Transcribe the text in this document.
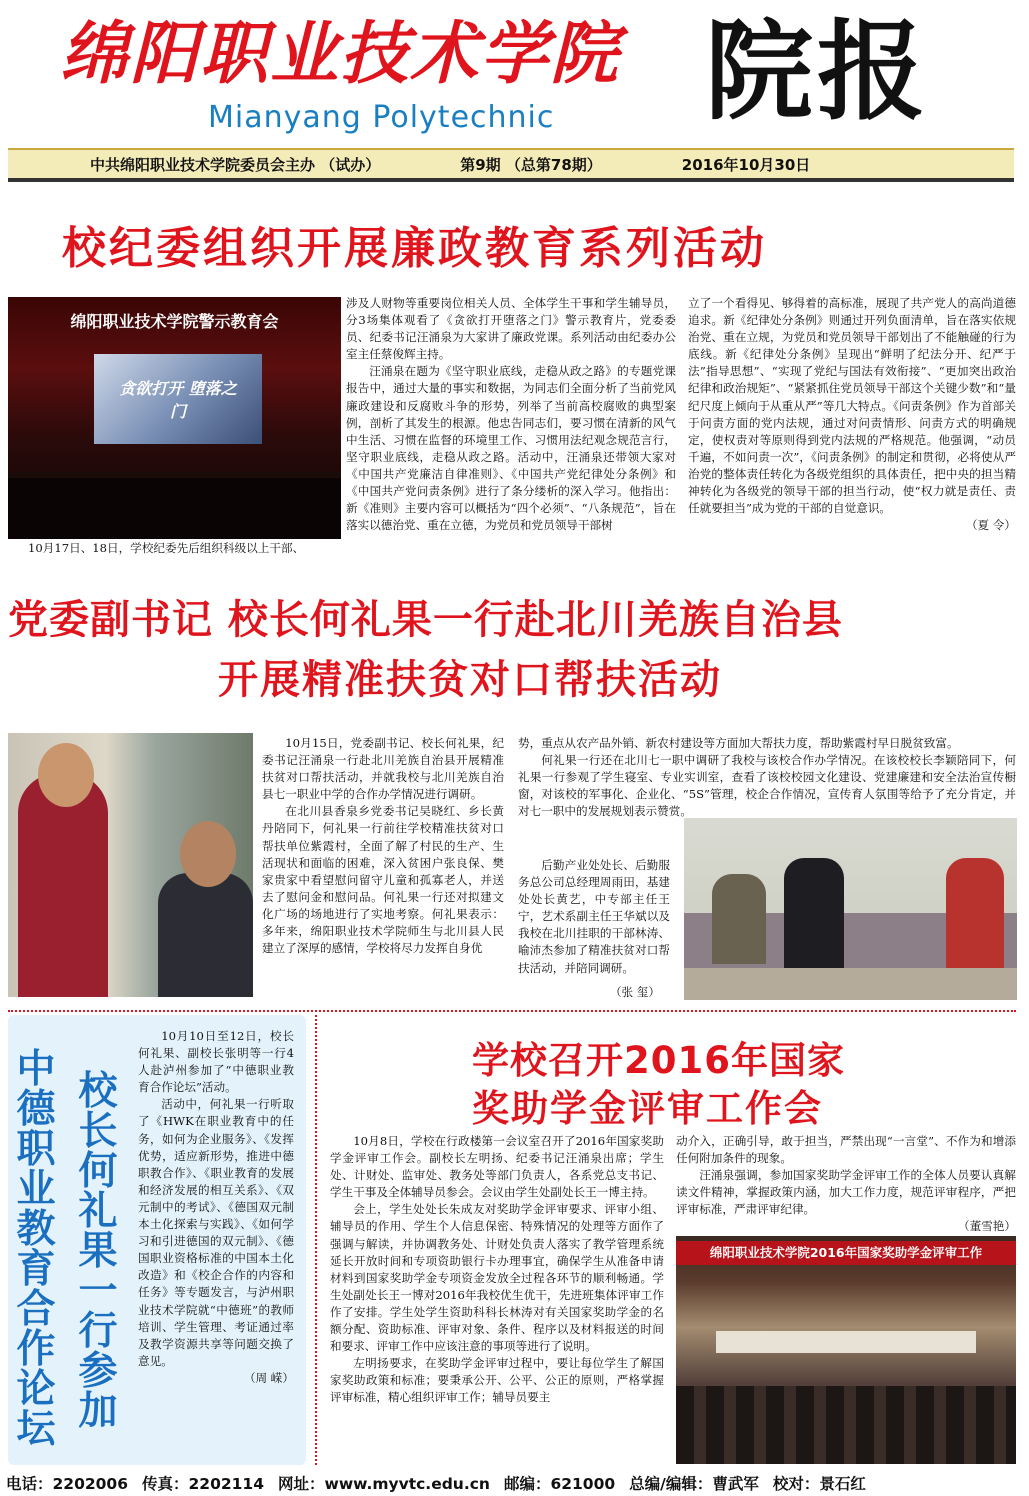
绵阳职业技术学院
Mianyang Polytechnic 院报
中共绵阳职业技术学院委员会主办 （试办）	第9期 （总第78期）	2016年10月30日
校纪委组织开展廉政教育系列活动
绵阳职业技术学院警示教育会
贪欲打开 堕落之门
10月17日、18日，学校纪委先后组织科级以上干部、

涉及人财物等重要岗位相关人员、全体学生干事和学生辅导员，分3场集体观看了《贪欲打开堕落之门》警示教育片，党委委员、纪委书记汪涌泉为大家讲了廉政党课。系列活动由纪委办公室主任蔡俊辉主持。

汪涌泉在题为《坚守职业底线，走稳从政之路》的专题党课报告中，通过大量的事实和数据，为同志们全面分析了当前党风廉政建设和反腐败斗争的形势，列举了当前高校腐败的典型案例，剖析了其发生的根源。他忠告同志们，要习惯在清新的风气中生活、习惯在监督的环境里工作、习惯用法纪观念规范言行，坚守职业底线，走稳从政之路。活动中，汪涌泉还带领大家对《中国共产党廉洁自律准则》、《中国共产党纪律处分条例》和《中国共产党问责条例》进行了条分缕析的深入学习。他指出：新《准则》主要内容可以概括为“四个必须”、“八条规范”，旨在落实以德治党、重在立德，为党员和党员领导干部树

立了一个看得见、够得着的高标准，展现了共产党人的高尚道德追求。新《纪律处分条例》则通过开列负面清单，旨在落实依规治党、重在立规，为党员和党员领导干部划出了不能触碰的行为底线。新《纪律处分条例》呈现出“鲜明了纪法分开、纪严于法”指导思想”、“实现了党纪与国法有效衔接”、“更加突出政治纪律和政治规矩”、“紧紧抓住党员领导干部这个关键少数”和“量纪尺度上倾向于从重从严”等几大特点。《问责条例》作为首部关于问责方面的党内法规，通过对问责情形、问责方式的明确规定，使权责对等原则得到党内法规的严格规范。他强调，“动员千遍，不如问责一次”，《问责条例》的制定和贯彻，必将使从严治党的整体责任转化为各级党组织的具体责任，把中央的担当精神转化为各级党的领导干部的担当行动，使“权力就是责任、责任就要担当”成为党的干部的自觉意识。

（夏 令）

党委副书记 校长何礼果一行赴北川羌族自治县
开展精准扶贫对口帮扶活动

10月15日，党委副书记、校长何礼果，纪委书记汪涌泉一行赴北川羌族自治县开展精准扶贫对口帮扶活动，并就我校与北川羌族自治县七一职业中学的合作办学情况进行调研。

在北川县香泉乡党委书记吴晓红、乡长黄丹陪同下，何礼果一行前往学校精准扶贫对口帮扶单位紫霞村，全面了解了村民的生产、生活现状和面临的困难，深入贫困户张良保、樊家贵家中看望慰问留守儿童和孤寡老人，并送去了慰问金和慰问品。何礼果一行还对拟建文化广场的场地进行了实地考察。何礼果表示：多年来，绵阳职业技术学院师生与北川县人民建立了深厚的感情，学校将尽力发挥自身优

势，重点从农产品外销、新农村建设等方面加大帮扶力度，帮助紫霞村早日脱贫致富。

何礼果一行还在北川七一职中调研了我校与该校合作办学情况。在该校校长李颖陪同下，何礼果一行参观了学生寝室、专业实训室，查看了该校校园文化建设、党建廉建和安全法治宣传橱窗，对该校的军事化、企业化、“5S”管理，校企合作情况，宣传育人氛围等给予了充分肯定，并对七一职中的发展规划表示赞赏。

后勤产业处处长、后勤服务总公司总经理周雨田，基建处处长黄艺，中专部主任王宁，艺术系副主任王华斌以及我校在北川挂职的干部林涛、喻沛杰参加了精准扶贫对口帮扶活动，并陪同调研。

（张 玺）
中德职业教育合作论坛
校长何礼果一行参加

10月10日至12日，校长何礼果、副校长张明等一行4人赴泸州参加了“中德职业教育合作论坛”活动。

活动中，何礼果一行听取了《HWK在职业教育中的任务，如何为企业服务》、《发挥优势，适应新形势，推进中德职教合作》、《职业教育的发展和经济发展的相互关系》、《双元制中的考试》、《德国双元制本土化探索与实践》、《如何学习和引进德国的双元制》、《德国职业资格标准的中国本土化改造》和《校企合作的内容和任务》等专题发言，与泸州职业技术学院就“中德班”的教师培训、学生管理、考证通过率及教学资源共享等问题交换了意见。

（周 嵘）

学校召开2016年国家
奖助学金评审工作会

10月8日，学校在行政楼第一会议室召开了2016年国家奖助学金评审工作会。副校长左明扬、纪委书记汪涌泉出席；学生处、计财处、监审处、教务处等部门负责人，各系党总支书记、学生干事及全体辅导员参会。会议由学生处副处长王一博主持。

会上，学生处处长朱成友对奖助学金评审要求、评审小组、辅导员的作用、学生个人信息保密、特殊情况的处理等方面作了强调与解读，并协调教务处、计财处负责人落实了教学管理系统延长开放时间和专项资助银行卡办理事宜，确保学生从准备申请材料到国家奖助学金专项资金发放全过程各环节的顺利畅通。学生处副处长王一博对2016年我校优生优干，先进班集体评审工作作了安排。学生处学生资助科科长林涛对有关国家奖助学金的名额分配、资助标准、评审对象、条件、程序以及材料报送的时间和要求、评审工作中应该注意的事项等进行了说明。

左明扬要求，在奖助学金评审过程中，要让每位学生了解国家奖助政策和标准；要秉承公开、公平、公正的原则，严格掌握评审标准，精心组织评审工作；辅导员要主

动介入，正确引导，敢于担当，严禁出现“一言堂”、不作为和增添任何附加条件的现象。

汪涌泉强调，参加国家奖助学金评审工作的全体人员要认真解读文件精神，掌握政策内涵，加大工作力度，规范评审程序，严把评审标准，严肃评审纪律。

（董雪艳）

绵阳职业技术学院2016年国家奖助学金评审工作
电话：2202006 传真：2202114 网址：www.myvtc.edu.cn 邮编：621000 总编/编辑：曹武军 校对：景石红
